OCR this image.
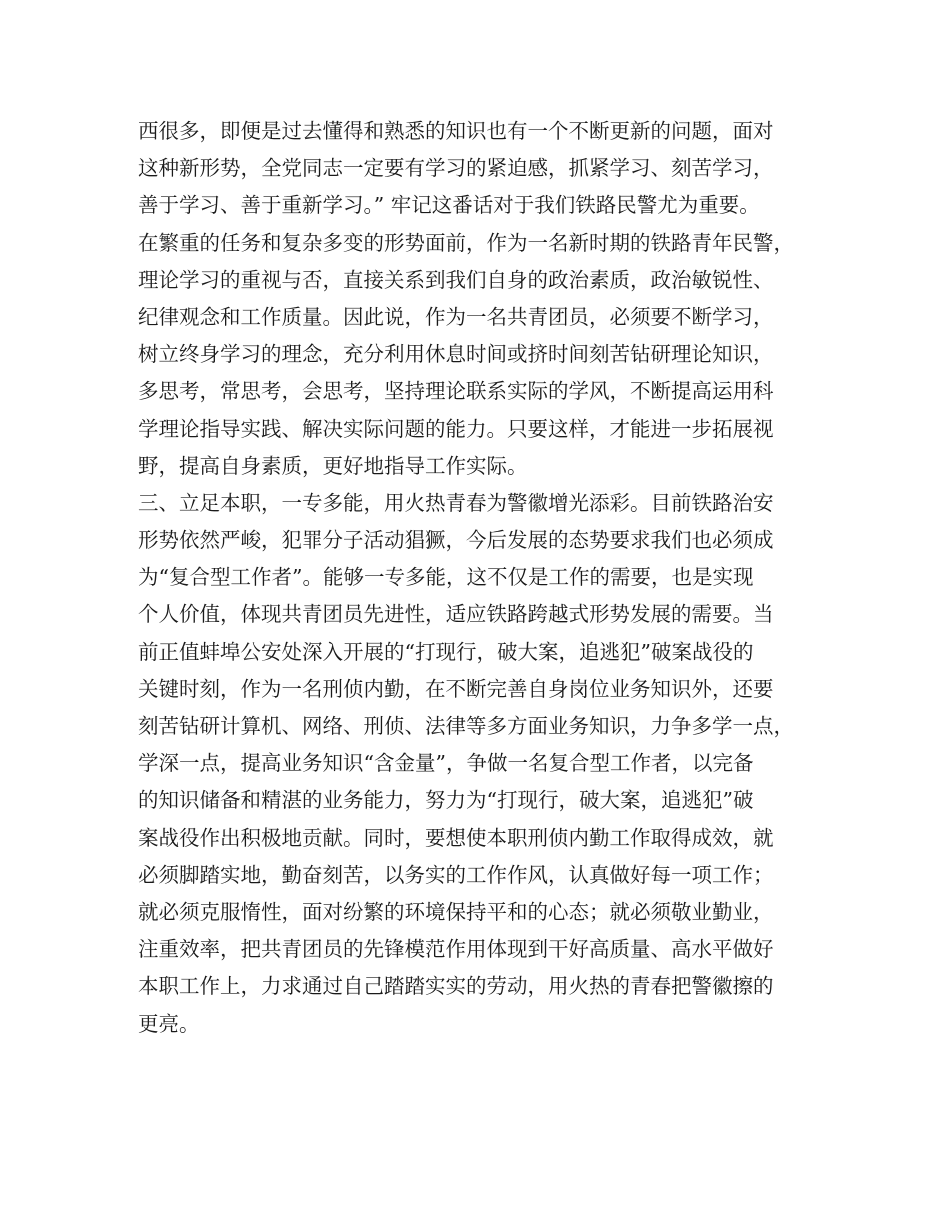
西很多，即便是过去懂得和熟悉的知识也有一个不断更新的问题，面对
这种新形势，全党同志一定要有学习的紧迫感，抓紧学习、刻苦学习，
善于学习、善于重新学习。” 牢记这番话对于我们铁路民警尤为重要。
在繁重的任务和复杂多变的形势面前，作为一名新时期的铁路青年民警，
理论学习的重视与否，直接关系到我们自身的政治素质，政治敏锐性、
纪律观念和工作质量。因此说，作为一名共青团员，必须要不断学习，
树立终身学习的理念，充分利用休息时间或挤时间刻苦钻研理论知识，
多思考，常思考，会思考，坚持理论联系实际的学风，不断提高运用科
学理论指导实践、解决实际问题的能力。只要这样，才能进一步拓展视
野，提高自身素质，更好地指导工作实际。
三、立足本职，一专多能，用火热青春为警徽增光添彩。目前铁路治安
形势依然严峻，犯罪分子活动猖獗，今后发展的态势要求我们也必须成
为“复合型工作者”。能够一专多能，这不仅是工作的需要，也是实现
个人价值，体现共青团员先进性，适应铁路跨越式形势发展的需要。当
前正值蚌埠公安处深入开展的“打现行，破大案，追逃犯”破案战役的
关键时刻，作为一名刑侦内勤，在不断完善自身岗位业务知识外，还要
刻苦钻研计算机、网络、刑侦、法律等多方面业务知识，力争多学一点，
学深一点，提高业务知识“含金量”，争做一名复合型工作者，以完备
的知识储备和精湛的业务能力，努力为“打现行，破大案，追逃犯”破
案战役作出积极地贡献。同时，要想使本职刑侦内勤工作取得成效，就
必须脚踏实地，勤奋刻苦，以务实的工作作风，认真做好每一项工作；
就必须克服惰性，面对纷繁的环境保持平和的心态；就必须敬业勤业，
注重效率，把共青团员的先锋模范作用体现到干好高质量、高水平做好
本职工作上，力求通过自己踏踏实实的劳动，用火热的青春把警徽擦的
更亮。
